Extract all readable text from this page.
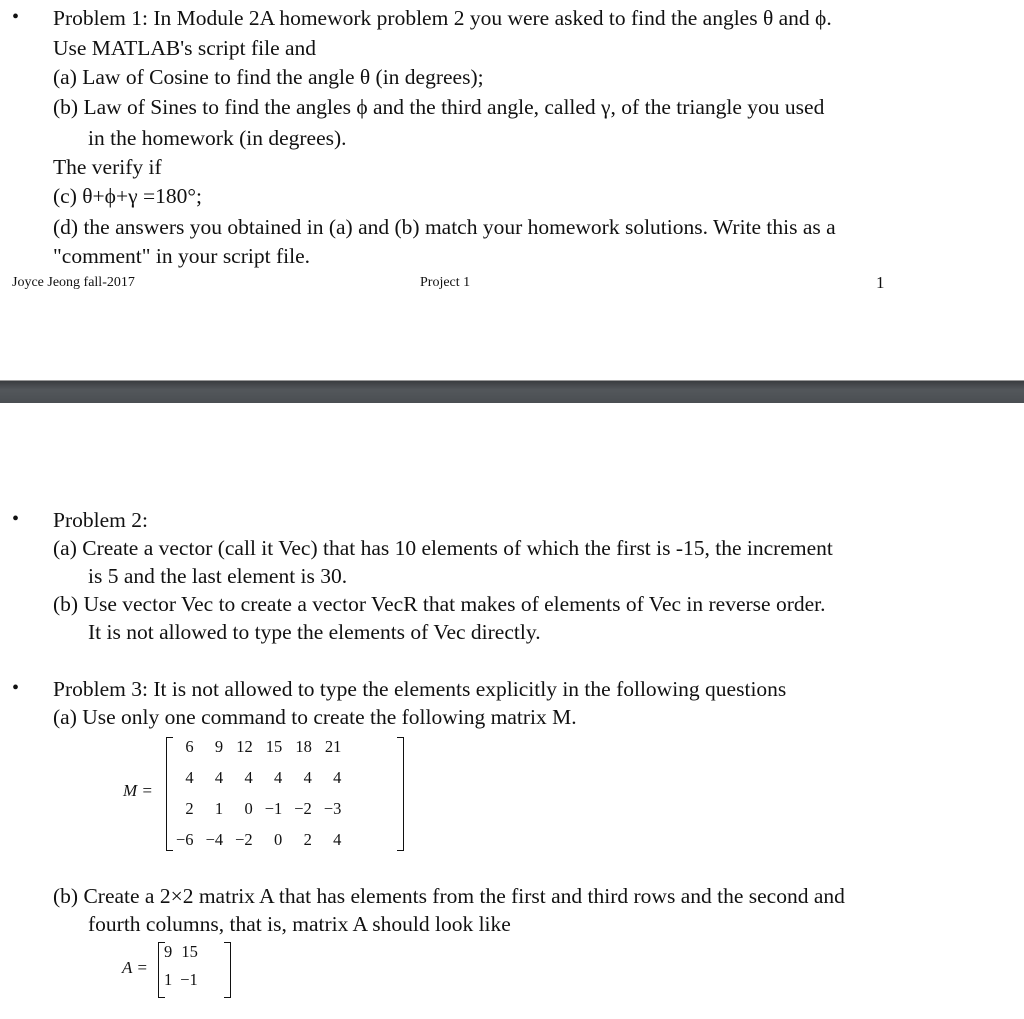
• Problem 1: In Module 2A homework problem 2 you were asked to find the angles θ and ϕ.
Use MATLAB's script file and
(a) Law of Cosine to find the angle θ (in degrees);
(b) Law of Sines to find the angles ϕ and the third angle, called γ, of the triangle you used
in the homework (in degrees).
The verify if
(c) θ+ϕ+γ =180°;
(d) the answers you obtained in (a) and (b) match your homework solutions. Write this as a
"comment" in your script file.
Joyce Jeong fall-2017	Project 1	1
• Problem 2:
(a) Create a vector (call it Vec) that has 10 elements of which the first is -15, the increment
is 5 and the last element is 30.
(b) Use vector Vec to create a vector VecR that makes of elements of Vec in reverse order.
It is not allowed to type the elements of Vec directly.
• Problem 3: It is not allowed to type the elements explicitly in the following questions
(a) Use only one command to create the following matrix M.
M =
6	9	12	15	18	21
4	4	4	4	4	4
2	1	0	−1	−2	−3
−6	−4	−2	0	2	4
(b) Create a 2×2 matrix A that has elements from the first and third rows and the second and
fourth columns, that is, matrix A should look like
A =
9	15
1	−1
